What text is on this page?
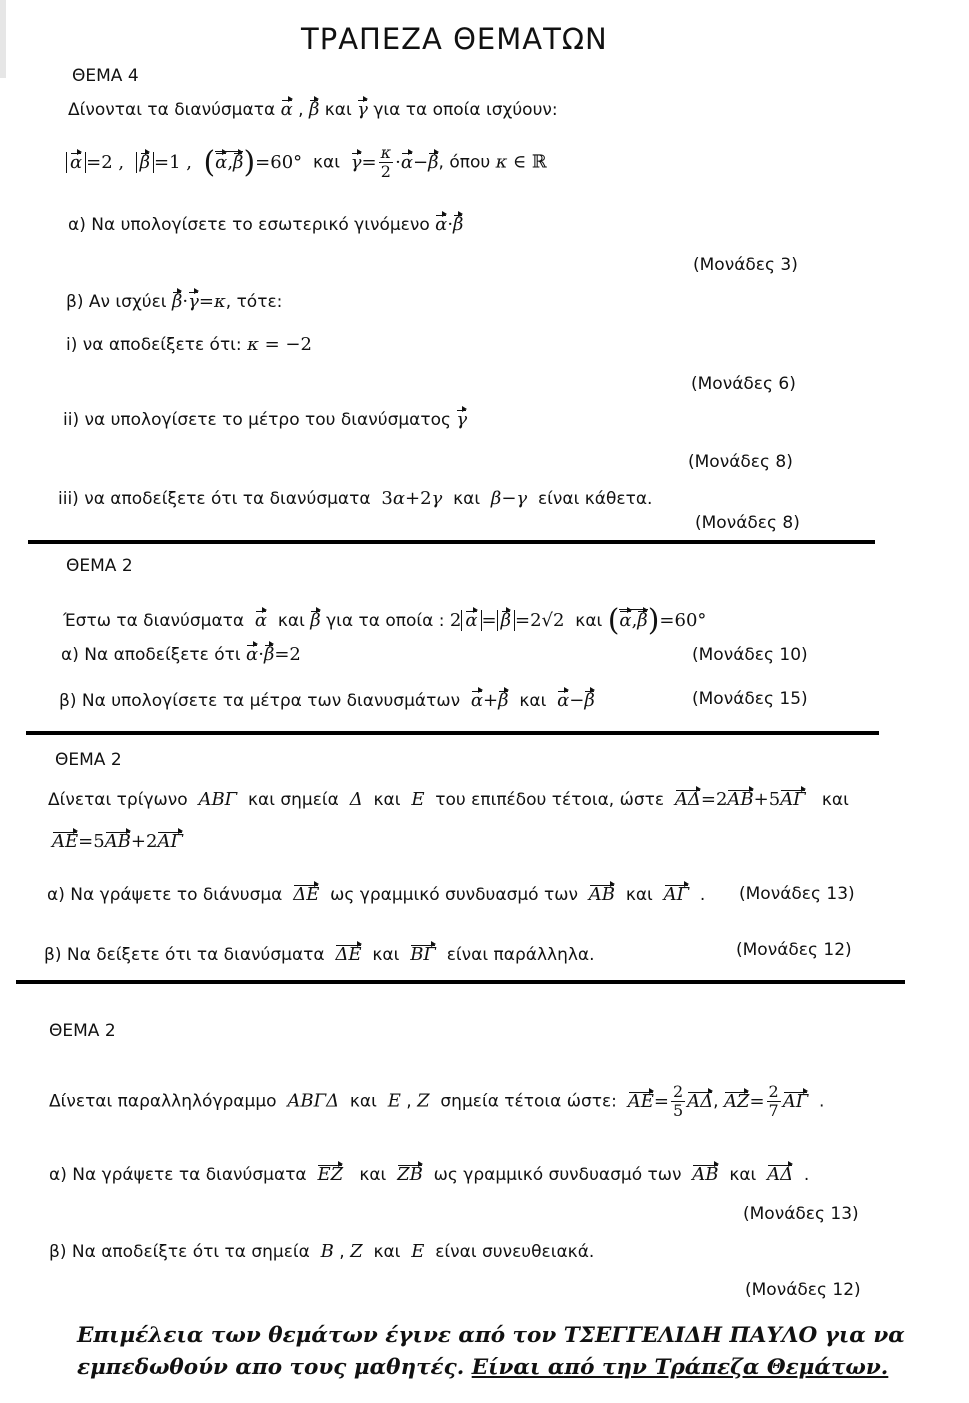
ΤΡΑΠΕΖΑ ΘΕΜΑΤΩΝ
ΘΕΜΑ 4
Δίνονται τα διανύσματα α , β και γ για τα οποία ισχύουν:
α =2 , β =1 , (α,β)=60° και $\gamma= \frac{\kappa}{2} \cdot\alpha-\beta$, όπου κ ∈ ℝ
α) Να υπολογίσετε το εσωτερικό γινόμενο α·β
(Μονάδες 3)
β) Αν ισχύει β·γ=κ, τότε:
i) να αποδείξετε ότι: κ = −2
(Μονάδες 6)
ii) να υπολογίσετε το μέτρο του διανύσματος γ
(Μονάδες 8)
iii) να αποδείξετε ότι τα διανύσματα 3α+2γ και β−γ είναι κάθετα.
(Μονάδες 8)
ΘΕΜΑ 2
Έστω τα διανύσματα α και β για τα οποία : 2 α = β =2√2 και (α,β)=60°
α) Να αποδείξετε ότι α·β=2	(Μονάδες 10)
β) Να υπολογίσετε τα μέτρα των διανυσμάτων α+β και α−β	(Μονάδες 15)
ΘΕΜΑ 2
Δίνεται τρίγωνο ΑΒΓ και σημεία Δ και Ε του επιπέδου τέτοια, ώστε ΑΔ=2ΑΒ+5ΑΓ και
ΑΕ=5ΑΒ+2ΑΓ
α) Να γράψετε το διάνυσμα ΔΕ ως γραμμικό συνδυασμό των ΑΒ και ΑΓ  . (Μονάδες 13)
β) Να δείξετε ότι τα διανύσματα ΔΕ και ΒΓ είναι παράλληλα.	(Μονάδες 12)
ΘΕΜΑ 2
Δίνεται παραλληλόγραμμο ΑΒΓΔ και Ε , Ζ σημεία τέτοια ώστε: $AE= \frac{2}{5} A\Delta$, $AZ= \frac{2}{7}$ ΑΓ  .
α) Να γράψετε τα διανύσματα ΕΖ και ΖΒ ως γραμμικό συνδυασμό των ΑΒ και ΑΔ  .
(Μονάδες 13)
β) Να αποδείξτε ότι τα σημεία Β , Ζ και Ε είναι συνευθειακά.
(Μονάδες 12)
Επιμέλεια των θεμάτων έγινε από τον ΤΣΕΓΓΕΛΙΔΗ ΠΑΥΛΟ για να
εμπεδωθούν απο τους μαθητές. Είναι από την Τράπεζα Θεμάτων.
